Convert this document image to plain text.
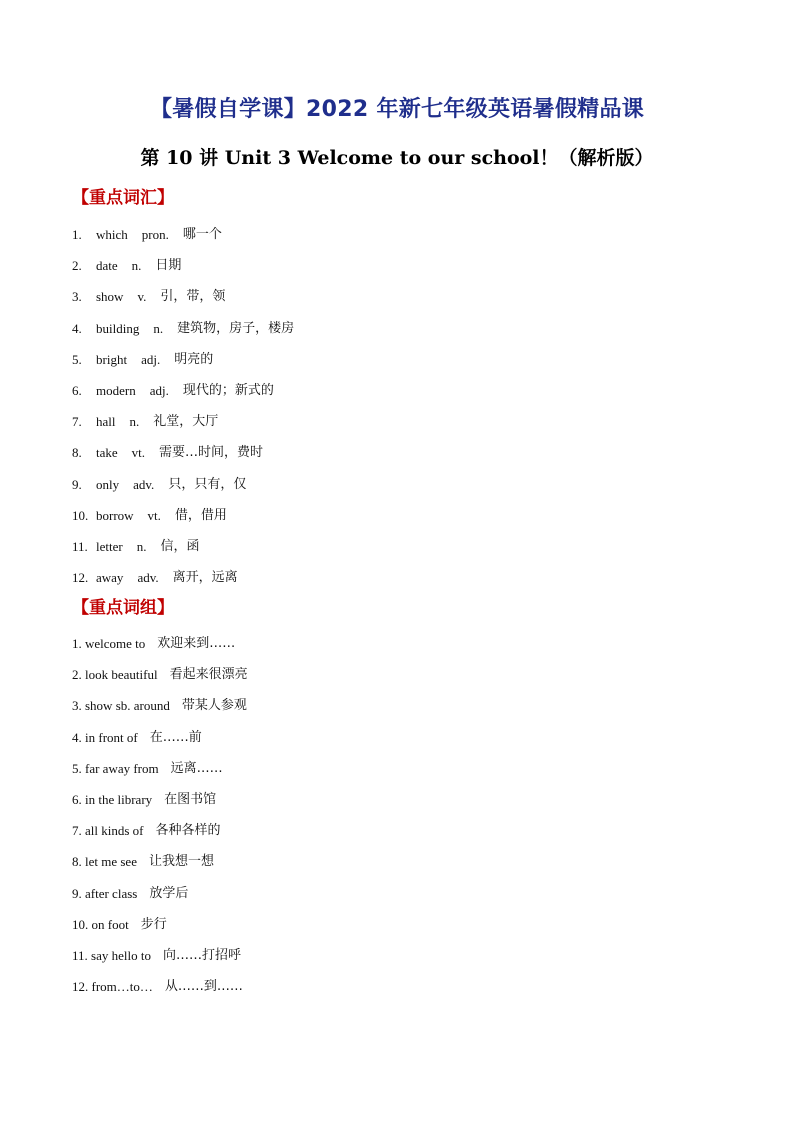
【暑假自学课】2022 年新七年级英语暑假精品课
第 10 讲 Unit 3 Welcome to our school！（解析版）
【重点词汇】
1.	which pron. 哪一个
2.	date n. 日期
3.	show v. 引，带，领
4.	building n. 建筑物，房子，楼房
5.	bright adj. 明亮的
6.	modern adj. 现代的；新式的
7.	hall n. 礼堂，大厅
8.	take vt. 需要…时间，费时
9.	only adv. 只，只有，仅
10. borrow vt. 借，借用
11. letter n. 信，函
12. away adv. 离开，远离
【重点词组】
1. welcome to 欢迎来到……
2. look beautiful 看起来很漂亮
3. show sb. around 带某人参观
4. in front of 在……前
5. far away from 远离……
6. in the library 在图书馆
7. all kinds of 各种各样的
8. let me see 让我想一想
9. after class 放学后
10. on foot 步行
11. say hello to 向……打招呼
12. from…to… 从……到……
